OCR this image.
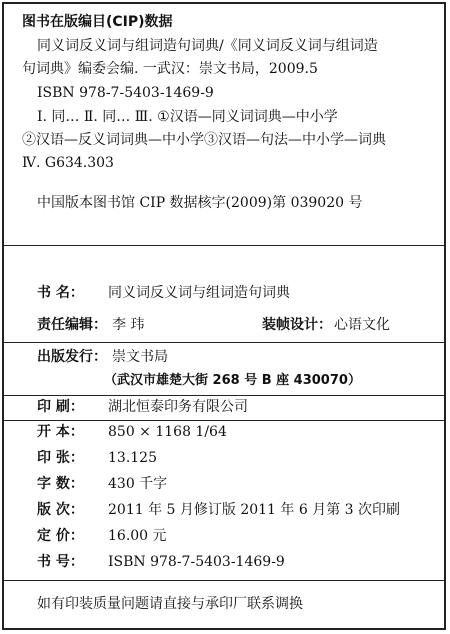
图书在版编目(CIP)数据
同义词反义词与组词造句词典/《同义词反义词与组词造
句词典》编委会编. 一武汉：崇文书局，2009.5
ISBN 978-7-5403-1469-9
Ⅰ. 同… Ⅱ. 同… Ⅲ. ①汉语—同义词词典—中小学
②汉语—反义词词典—中小学③汉语—句法—中小学—词典
Ⅳ. G634.303
中国版本图书馆 CIP 数据核字(2009)第 039020 号
书 名： 同义词反义词与组词造句词典
责任编辑： 李 玮	装帧设计： 心语文化
出版发行： 崇文书局
（武汉市雄楚大街 268 号 B 座 430070）
印 刷： 湖北恒泰印务有限公司
开 本： 850 × 1168 1/64
印 张： 13.125
字 数： 430 千字
版 次： 2011 年 5 月修订版 2011 年 6 月第 3 次印刷
定 价： 16.00 元
书 号： ISBN 978-7-5403-1469-9
如有印装质量问题请直接与承印厂联系调换
